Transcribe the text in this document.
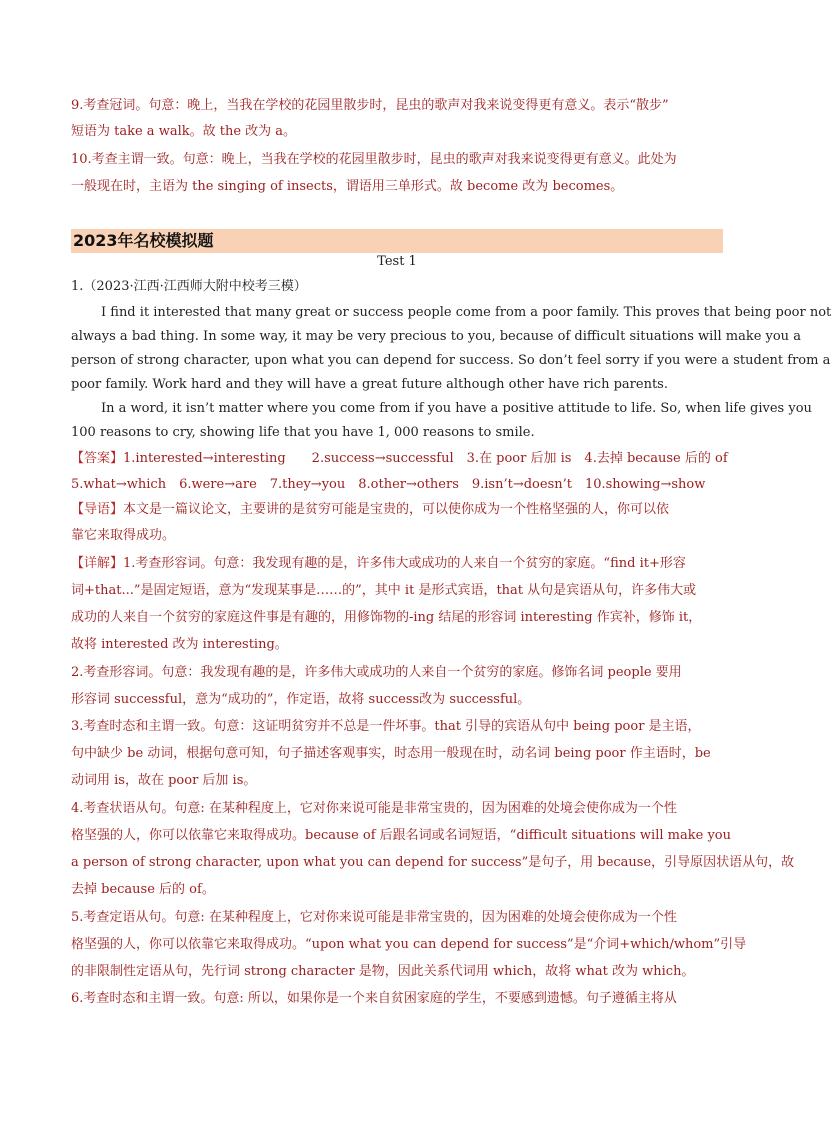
9.考查冠词。句意：晚上，当我在学校的花园里散步时，昆虫的歌声对我来说变得更有意义。表示“散步”
短语为 take a walk。故 the 改为 a。
10.考查主谓一致。句意：晚上，当我在学校的花园里散步时，昆虫的歌声对我来说变得更有意义。此处为
一般现在时，主语为 the singing of insects，谓语用三单形式。故 become 改为 becomes。
2023年名校模拟题
Test 1
1.（2023·江西·江西师大附中校考三模）
I find it interested that many great or success people come from a poor family. This proves that being poor not
always a bad thing. In some way, it may be very precious to you, because of difficult situations will make you a
person of strong character, upon what you can depend for success. So don’t feel sorry if you were a student from a
poor family. Work hard and they will have a great future although other have rich parents.
In a word, it isn’t matter where you come from if you have a positive attitude to life. So, when life gives you
100 reasons to cry, showing life that you have 1, 000 reasons to smile.
【答案】1.interested→interesting　　2.success→successful　3.在 poor 后加 is　4.去掉 because 后的 of
5.what→which　6.were→are　7.they→you　8.other→others　9.isn’t→doesn’t　10.showing→show
【导语】本文是一篇议论文，主要讲的是贫穷可能是宝贵的，可以使你成为一个性格坚强的人，你可以依
靠它来取得成功。
【详解】1.考查形容词。句意：我发现有趣的是，许多伟大或成功的人来自一个贫穷的家庭。“find it+形容
词+that...”是固定短语，意为“发现某事是……的”，其中 it 是形式宾语，that 从句是宾语从句，许多伟大或
成功的人来自一个贫穷的家庭这件事是有趣的，用修饰物的-ing 结尾的形容词 interesting 作宾补，修饰 it，
故将 interested 改为 interesting。
2.考查形容词。句意：我发现有趣的是，许多伟大或成功的人来自一个贫穷的家庭。修饰名词 people 要用
形容词 successful，意为“成功的”，作定语，故将 success改为 successful。
3.考查时态和主谓一致。句意：这证明贫穷并不总是一件坏事。that 引导的宾语从句中 being poor 是主语，
句中缺少 be 动词，根据句意可知，句子描述客观事实，时态用一般现在时，动名词 being poor 作主语时，be
动词用 is，故在 poor 后加 is。
4.考查状语从句。句意: 在某种程度上，它对你来说可能是非常宝贵的，因为困难的处境会使你成为一个性
格坚强的人，你可以依靠它来取得成功。because of 后跟名词或名词短语，“difficult situations will make you
a person of strong character, upon what you can depend for success”是句子，用 because，引导原因状语从句，故
去掉 because 后的 of。
5.考查定语从句。句意: 在某种程度上，它对你来说可能是非常宝贵的，因为困难的处境会使你成为一个性
格坚强的人，你可以依靠它来取得成功。“upon what you can depend for success”是“介词+which/whom”引导
的非限制性定语从句，先行词 strong character 是物，因此关系代词用 which，故将 what 改为 which。
6.考查时态和主谓一致。句意: 所以，如果你是一个来自贫困家庭的学生，不要感到遗憾。句子遵循主将从
